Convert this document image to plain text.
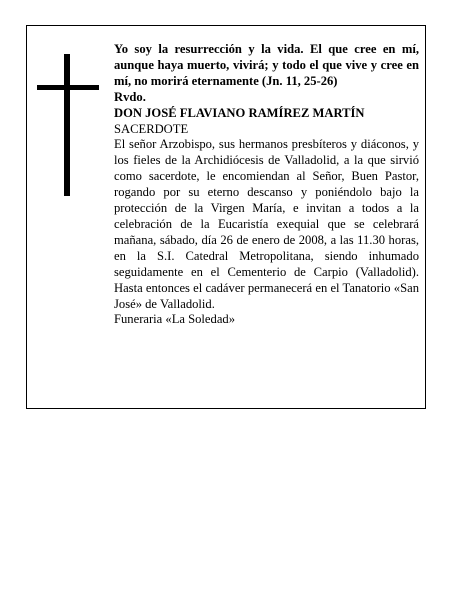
Yo soy la resurrección y la vida. El que cree en mí, aunque haya muerto, vivirá; y todo el que vive y cree en mí, no morirá eternamente (Jn. 11, 25-26)

Rvdo.

DON JOSÉ FLAVIANO RAMÍREZ MARTÍN

SACERDOTE

El señor Arzobispo, sus hermanos presbíteros y diáconos, y los fieles de la Archidiócesis de Valladolid, a la que sirvió como sacerdote, le encomiendan al Señor, Buen Pastor, rogando por su eterno descanso y poniéndolo bajo la protección de la Virgen María, e invitan a todos a la celebración de la Eucaristía exequial que se celebrará mañana, sábado, día 26 de enero de 2008, a las 11.30 horas, en la S.I. Catedral Metropolitana, siendo inhumado seguidamente en el Cementerio de Carpio (Valladolid). Hasta entonces el cadáver permanecerá en el Tanatorio «San José» de Valladolid.

Funeraria «La Soledad»
